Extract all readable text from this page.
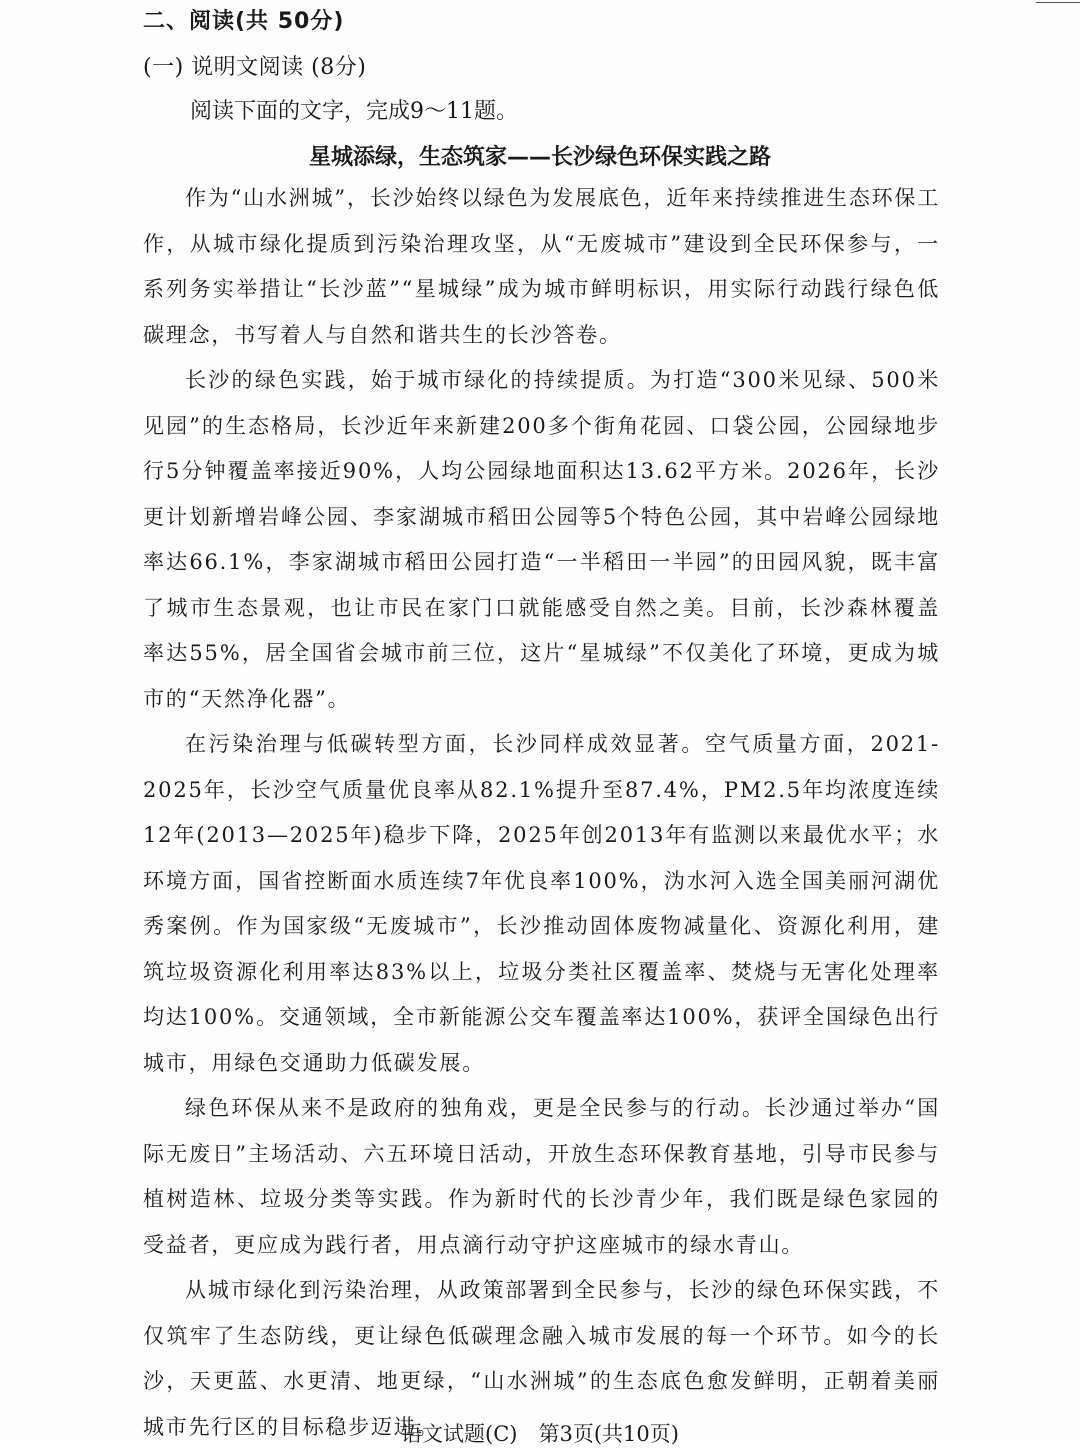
二、阅读(共 50分)
(一) 说明文阅读 (8分)
阅读下面的文字，完成9～11题。
星城添绿，生态筑家——长沙绿色环保实践之路

作为“山水洲城”，长沙始终以绿色为发展底色，近年来持续推进生态环保工作，从城市绿化提质到污染治理攻坚，从“无废城市”建设到全民环保参与，一系列务实举措让“长沙蓝”“星城绿”成为城市鲜明标识，用实际行动践行绿色低碳理念，书写着人与自然和谐共生的长沙答卷。

长沙的绿色实践，始于城市绿化的持续提质。为打造“300米见绿、500米见园”的生态格局，长沙近年来新建200多个街角花园、口袋公园，公园绿地步行5分钟覆盖率接近90%，人均公园绿地面积达13.62平方米。2026年，长沙更计划新增岩峰公园、李家湖城市稻田公园等5个特色公园，其中岩峰公园绿地率达66.1%，李家湖城市稻田公园打造“一半稻田一半园”的田园风貌，既丰富了城市生态景观，也让市民在家门口就能感受自然之美。目前，长沙森林覆盖率达55%，居全国省会城市前三位，这片“星城绿”不仅美化了环境，更成为城市的“天然净化器”。

在污染治理与低碳转型方面，长沙同样成效显著。空气质量方面，2021-2025年，长沙空气质量优良率从82.1%提升至87.4%，PM2.5年均浓度连续12年(2013—2025年)稳步下降，2025年创2013年有监测以来最优水平；水环境方面，国省控断面水质连续7年优良率100%，沩水河入选全国美丽河湖优秀案例。作为国家级“无废城市”，长沙推动固体废物减量化、资源化利用，建筑垃圾资源化利用率达83%以上，垃圾分类社区覆盖率、焚烧与无害化处理率均达100%。交通领域，全市新能源公交车覆盖率达100%，获评全国绿色出行城市，用绿色交通助力低碳发展。

绿色环保从来不是政府的独角戏，更是全民参与的行动。长沙通过举办“国际无废日”主场活动、六五环境日活动，开放生态环保教育基地，引导市民参与植树造林、垃圾分类等实践。作为新时代的长沙青少年，我们既是绿色家园的受益者，更应成为践行者，用点滴行动守护这座城市的绿水青山。

从城市绿化到污染治理，从政策部署到全民参与，长沙的绿色环保实践，不仅筑牢了生态防线，更让绿色低碳理念融入城市发展的每一个环节。如今的长沙，天更蓝、水更清、地更绿，“山水洲城”的生态底色愈发鲜明，正朝着美丽城市先行区的目标稳步迈进。

语文试题(C)　第3页(共10页)
